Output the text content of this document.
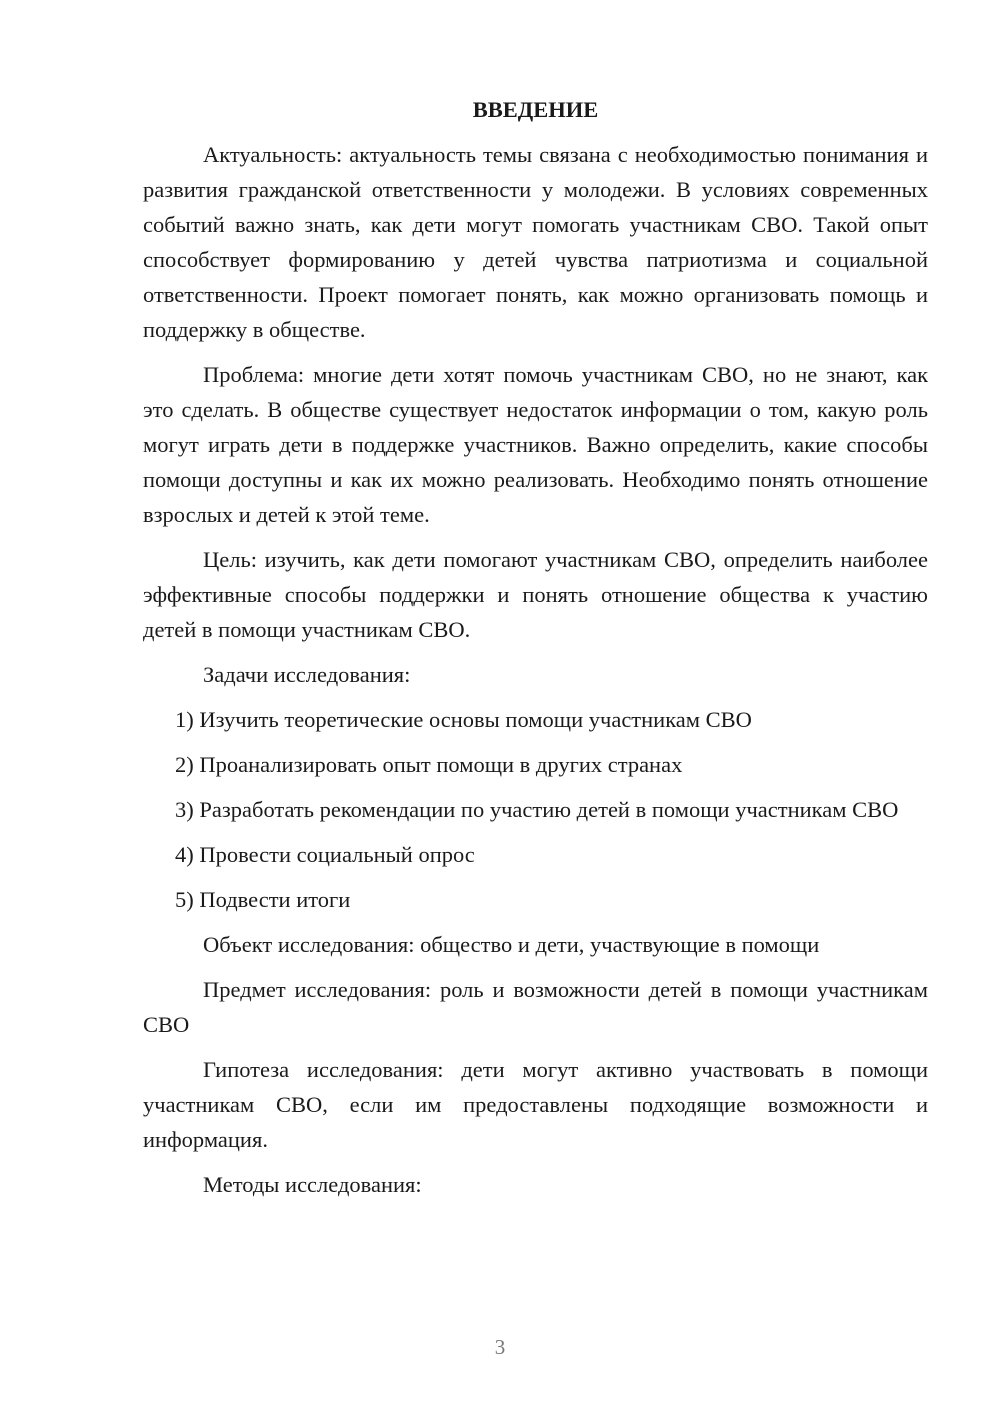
ВВЕДЕНИЕ

Актуальность: актуальность темы связана с необходимостью понимания и развития гражданской ответственности у молодежи. В условиях современных событий важно знать, как дети могут помогать участникам СВО. Такой опыт способствует формированию у детей чувства патриотизма и социальной ответственности. Проект помогает понять, как можно организовать помощь и поддержку в обществе.

Проблема: многие дети хотят помочь участникам СВО, но не знают, как это сделать. В обществе существует недостаток информации о том, какую роль могут играть дети в поддержке участников. Важно определить, какие способы помощи доступны и как их можно реализовать. Необходимо понять отношение взрослых и детей к этой теме.

Цель: изучить, как дети помогают участникам СВО, определить наиболее эффективные способы поддержки и понять отношение общества к участию детей в помощи участникам СВО.

Задачи исследования:

1) Изучить теоретические основы помощи участникам СВО

2) Проанализировать опыт помощи в других странах

3) Разработать рекомендации по участию детей в помощи участникам СВО

4) Провести социальный опрос

5) Подвести итоги

Объект исследования: общество и дети, участвующие в помощи

Предмет исследования: роль и возможности детей в помощи участникам СВО

Гипотеза исследования: дети могут активно участвовать в помощи участникам СВО, если им предоставлены подходящие возможности и информация.

Методы исследования:

3
